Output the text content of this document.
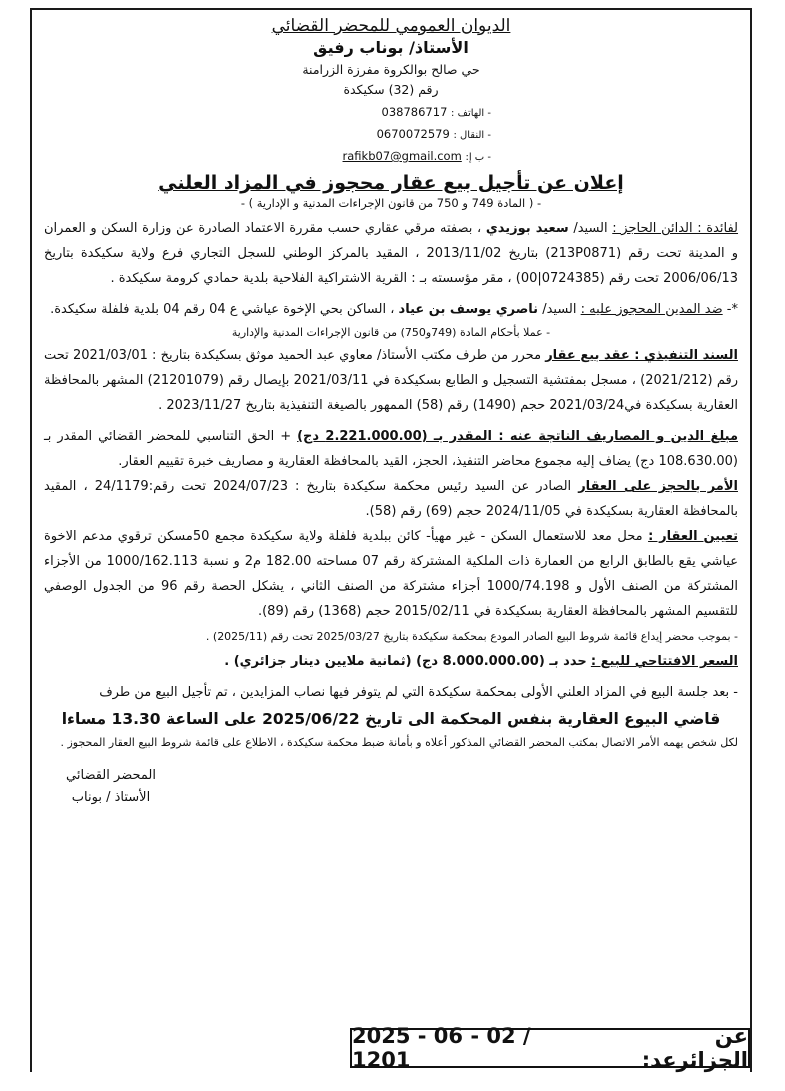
الديوان العمومي للمحضر القضائي
الأستاذ/ بوناب رفيق
حي صالح بوالكروة مفرزة الزرامنة
رقم (32) سكيكدة
- الهاتف : 038786717
- النقال : 0670072579
- ب إ: rafikb07@gmail.com
إعلان عن تأجيل بيع عقار محجوز في المزاد العلني
- ( المادة 749 و 750 من قانون الإجراءات المدنية و الإدارية ) -

لفائدة : الدائن الحاجز : السيد/ سعيد بوزيدي ، بصفته مرقي عقاري حسب مقررة الاعتماد الصادرة عن وزارة السكن و العمران و المدينة تحت رقم (213P0871) بتاريخ 2013/11/02 ، المقيد بالمركز الوطني للسجل التجاري فرع ولاية سكيكدة بتاريخ 2006/06/13 تحت رقم (0724385|00) ، مقر مؤسسته بـ : القرية الاشتراكية الفلاحية بلدية حمادي كرومة سكيكدة .

*- ضد المدين المحجوز عليه : السيد/ ناصري يوسف بن عياد ، الساكن بحي الإخوة عياشي ع 04 رقم 04 بلدية فلفلة سكيكدة.

- عملا بأحكام المادة (749و750) من قانون الإجراءات المدنية والإدارية

السند التنفيذي : عقد بيع عقار محرر من طرف مكتب الأستاذ/ معاوي عبد الحميد موثق بسكيكدة بتاريخ : 2021/03/01 تحت رقم (2021/212) ، مسجل بمفتشية التسجيل و الطابع بسكيكدة في 2021/03/11 بإيصال رقم (21201079) المشهر بالمحافظة العقارية بسكيكدة في2021/03/24 حجم (1490) رقم (58) الممهور بالصيغة التنفيذية بتاريخ 2023/11/27 .

مبلغ الدين و المصاريف الناتجة عنه : المقدر بـ (2.221.000.00 دج) + الحق التناسبي للمحضر القضائي المقدر بـ (108.630.00 دج) يضاف إليه مجموع محاضر التنفيذ، الحجز، القيد بالمحافظة العقارية و مصاريف خبرة تقييم العقار.

الأمر بالحجز على العقار الصادر عن السيد رئيس محكمة سكيكدة بتاريخ : 2024/07/23 تحت رقم:24/1179 ، المقيد بالمحافظة العقارية بسكيكدة في 2024/11/05 حجم (69) رقم (58).

تعيين العقار : محل معد للاستعمال السكن - غير مهيأ- كائن ببلدية فلفلة ولاية سكيكدة مجمع 50مسكن ترقوي مدعم الاخوة عياشي يقع بالطابق الرابع من العمارة ذات الملكية المشتركة رقم 07 مساحته 182.00 م2 و نسبة 1000/162.113 من الأجزاء المشتركة من الصنف الأول و 1000/74.198 أجزاء مشتركة من الصنف الثاني ، يشكل الحصة رقم 96 من الجدول الوصفي للتقسيم المشهر بالمحافظة العقارية بسكيكدة في 2015/02/11 حجم (1368) رقم (89).

- بموجب محضر إيداع قائمة شروط البيع الصادر المودع بمحكمة سكيكدة بتاريخ 2025/03/27 تحت رقم (2025/11) .

السعر الافتتاحي للبيع : حدد بـ (8.000.000.00 دج) (ثمانية ملايين دينار جزائري) .

- بعد جلسة البيع في المزاد العلني الأولى بمحكمة سكيكدة التي لم يتوفر فيها نصاب المزايدين ، تم تأجيل البيع من طرف

قاضي البيوع العقارية بنفس المحكمة الى تاريخ 2025/06/22 على الساعة 13.30 مساءا

لكل شخص يهمه الأمر الاتصال بمكتب المحضر القضائي المذكور أعلاه و بأمانة ضبط محكمة سكيكدة ، الاطلاع على قائمة شروط البيع العقار المحجوز .

المحضر القضائي
الأستاذ / بوناب
عن الجزائرعد:
2025 - 06 - 02 / 1201
